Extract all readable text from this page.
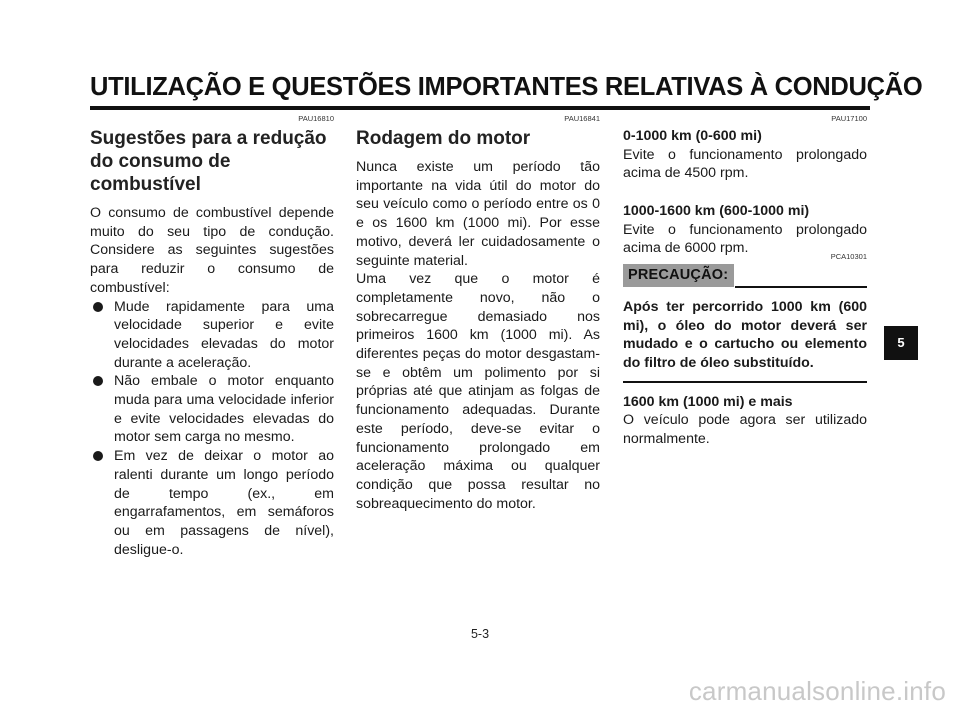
UTILIZAÇÃO E QUESTÕES IMPORTANTES RELATIVAS À CONDUÇÃO
PAU16810
Sugestões para a redução do consumo de combustível

O consumo de combustível depende muito do seu tipo de condução. Considere as seguintes sugestões para reduzir o consumo de combustível:

Mude rapidamente para uma velocidade superior e evite velocidades elevadas do motor durante a aceleração.
Não embale o motor enquanto muda para uma velocidade inferior e evite velocidades elevadas do motor sem carga no mesmo.
Em vez de deixar o motor ao ralenti durante um longo período de tempo (ex., em engarrafamentos, em semáforos ou em passagens de nível), desligue-o.
PAU16841
Rodagem do motor

Nunca existe um período tão importante na vida útil do motor do seu veículo como o período entre os 0 e os 1600 km (1000 mi). Por esse motivo, deverá ler cuidadosamente o seguinte material.

Uma vez que o motor é completamente novo, não o sobrecarregue demasiado nos primeiros 1600 km (1000 mi). As diferentes peças do motor desgastam-se e obtêm um polimento por si próprias até que atinjam as folgas de funcionamento adequadas. Durante este período, deve-se evitar o funcionamento prolongado em aceleração máxima ou qualquer condição que possa resultar no sobreaquecimento do motor.

PAU17100
0-1000 km (0-600 mi)

Evite o funcionamento prolongado acima de 4500 rpm.

1000-1600 km (600-1000 mi)

Evite o funcionamento prolongado acima de 6000 rpm.

PCA10301
PRECAUÇÃO:
Após ter percorrido 1000 km (600 mi), o óleo do motor deverá ser mudado e o cartucho ou elemento do filtro de óleo substituído.
1600 km (1000 mi) e mais

O veículo pode agora ser utilizado normalmente.

5
5-3
carmanualsonline.info
